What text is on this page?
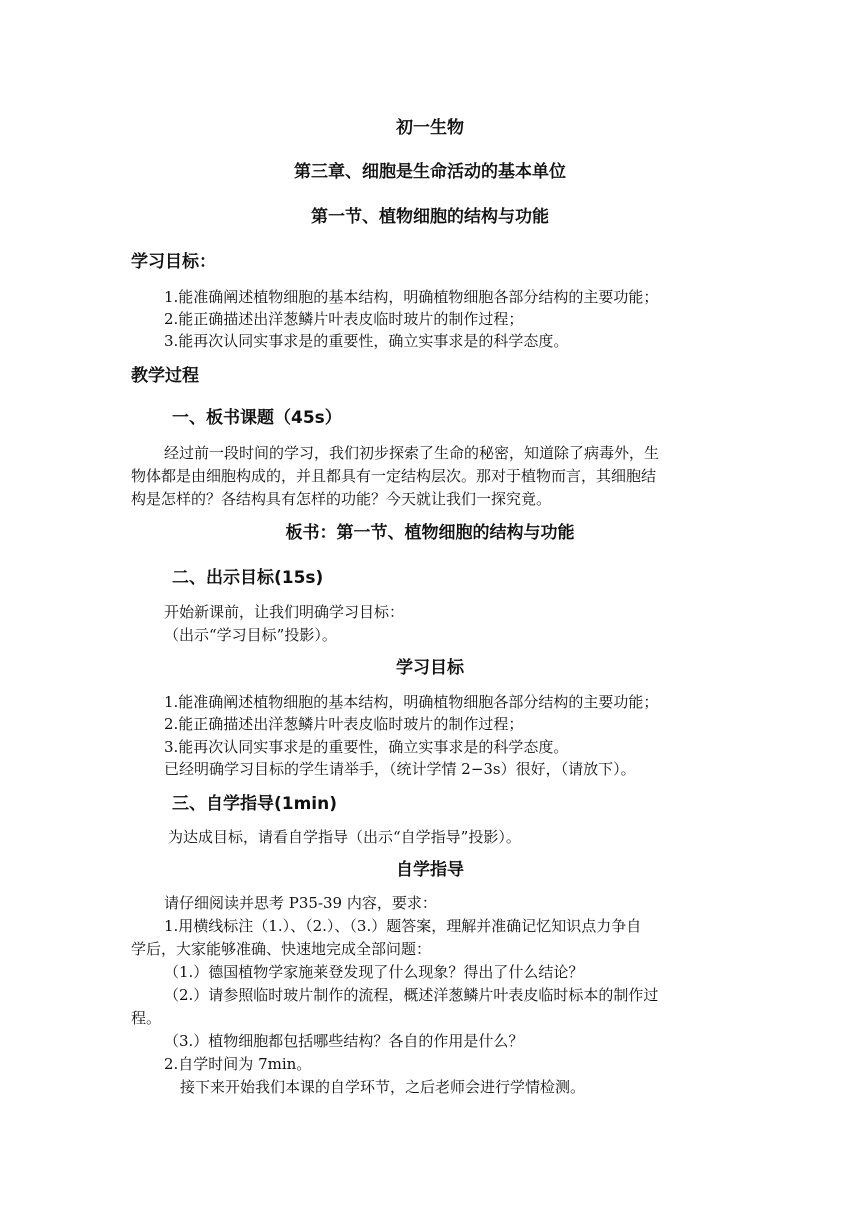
初一生物
第三章、细胞是生命活动的基本单位
第一节、植物细胞的结构与功能
学习目标：
1.能准确阐述植物细胞的基本结构，明确植物细胞各部分结构的主要功能；
2.能正确描述出洋葱鳞片叶表皮临时玻片的制作过程；
3.能再次认同实事求是的重要性，确立实事求是的科学态度。
教学过程
一、板书课题（45s）
经过前一段时间的学习，我们初步探索了生命的秘密，知道除了病毒外，生
物体都是由细胞构成的，并且都具有一定结构层次。那对于植物而言，其细胞结
构是怎样的？各结构具有怎样的功能？今天就让我们一探究竟。
板书：第一节、植物细胞的结构与功能
二、出示目标(15s)
开始新课前，让我们明确学习目标：
（出示“学习目标”投影）。
学习目标
1.能准确阐述植物细胞的基本结构，明确植物细胞各部分结构的主要功能；
2.能正确描述出洋葱鳞片叶表皮临时玻片的制作过程；
3.能再次认同实事求是的重要性，确立实事求是的科学态度。
已经明确学习目标的学生请举手，（统计学情 2−3s）很好，（请放下）。
三、自学指导(1min)
为达成目标，请看自学指导（出示“自学指导”投影）。
自学指导
请仔细阅读并思考 P35-39 内容，要求：
1.用横线标注（1.）、（2.）、（3.）题答案，理解并准确记忆知识点力争自
学后，大家能够准确、快速地完成全部问题：
（1.）德国植物学家施莱登发现了什么现象？得出了什么结论？
（2.）请参照临时玻片制作的流程，概述洋葱鳞片叶表皮临时标本的制作过
程。
（3.）植物细胞都包括哪些结构？各自的作用是什么？
2.自学时间为 7min。
接下来开始我们本课的自学环节，之后老师会进行学情检测。
